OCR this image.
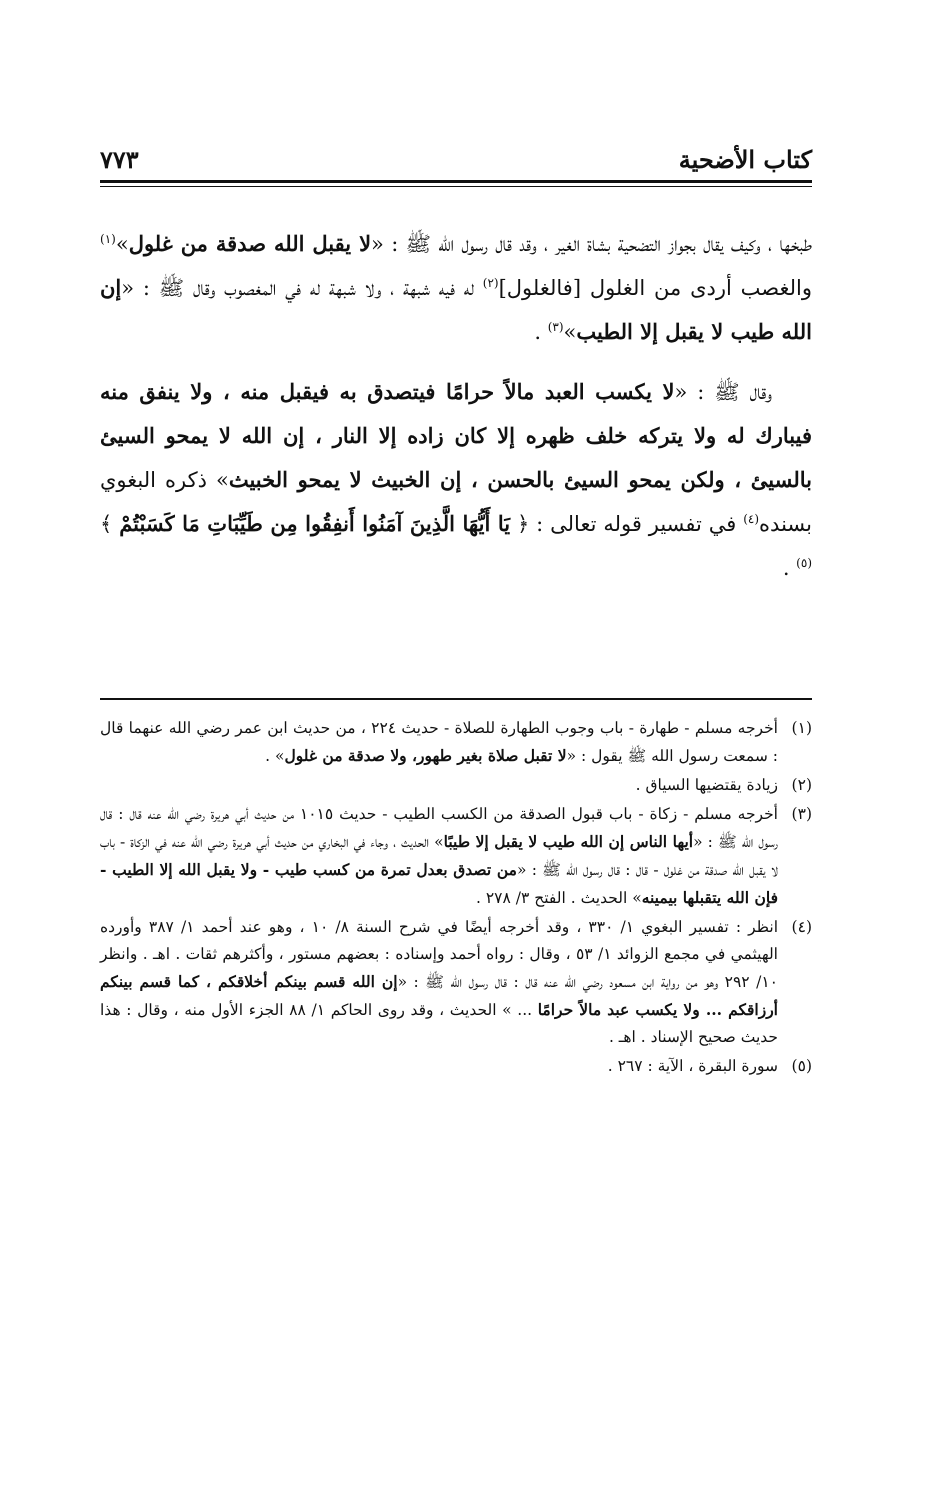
٧٧٣	كتاب الأضحية

طبخها ، وكيف يقال بجواز التضحية بشاة الغير ، وقد قال رسول الله ﷺ : «لا يقبل الله صدقة من غلول»$^{(١)}$ والغصب أردى من الغلول [فالغلول]$^{(٢)}$ له فيه شبهة ، ولا شبهة له في المغصوب وقال ﷺ : «إن الله طيب لا يقبل إلا الطيب»$^{(٣)}$ .

وقال ﷺ : «لا يكسب العبد مالاً حرامًا فيتصدق به فيقبل منه ، ولا ينفق منه فيبارك له ولا يتركه خلف ظهره إلا كان زاده إلا النار ، إن الله لا يمحو السيئ بالسيئ ، ولكن يمحو السيئ بالحسن ، إن الخبيث لا يمحو الخبيث» ذكره البغوي بسنده$^{(٤)}$ في تفسير قوله تعالى : ﴿ يَا أَيُّهَا الَّذِينَ آمَنُوا أَنفِقُوا مِن طَيِّبَاتِ مَا كَسَبْتُمْ ﴾$^{(٥)}$ .

(١)
أخرجه مسلم - طهارة - باب وجوب الطهارة للصلاة - حديث ٢٢٤ ، من حديث ابن عمر رضي الله عنهما قال : سمعت رسول الله ﷺ يقول : «لا تقبل صلاة بغير طهور، ولا صدقة من غلول» .
(٢)
زيادة يقتضيها السياق .
(٣)
أخرجه مسلم - زكاة - باب قبول الصدقة من الكسب الطيب - حديث ١٠١٥ من حديث أبي هريرة رضي الله عنه قال : قال رسول الله ﷺ : «أيها الناس إن الله طيب لا يقبل إلا طيبًا» الحديث ، وجاء في البخاري من حديث أبي هريرة رضي الله عنه في الزكاة - باب لا يقبل الله صدقة من غلول - قال : قال رسول الله ﷺ : «من تصدق بعدل تمرة من كسب طيب - ولا يقبل الله إلا الطيب - فإن الله يتقبلها بيمينه» الحديث . الفتح ٣/ ٢٧٨ .
(٤)
انظر : تفسير البغوي ١/ ٣٣٠ ، وقد أخرجه أيضًا في شرح السنة ٨/ ١٠ ، وهو عند أحمد ١/ ٣٨٧ وأورده الهيثمي في مجمع الزوائد ١/ ٥٣ ، وقال : رواه أحمد وإسناده : بعضهم مستور ، وأكثرهم ثقات . اهـ . وانظر ١٠/ ٢٩٢ وهو من رواية ابن مسعود رضي الله عنه قال : قال رسول الله ﷺ : «إن الله قسم بينكم أخلاقكم ، كما قسم بينكم أرزاقكم ... ولا يكسب عبد مالاً حرامًا ... » الحديث ، وقد روى الحاكم ١/ ٨٨ الجزء الأول منه ، وقال : هذا حديث صحيح الإسناد . اهـ .
(٥)
سورة البقرة ، الآية : ٢٦٧ .
